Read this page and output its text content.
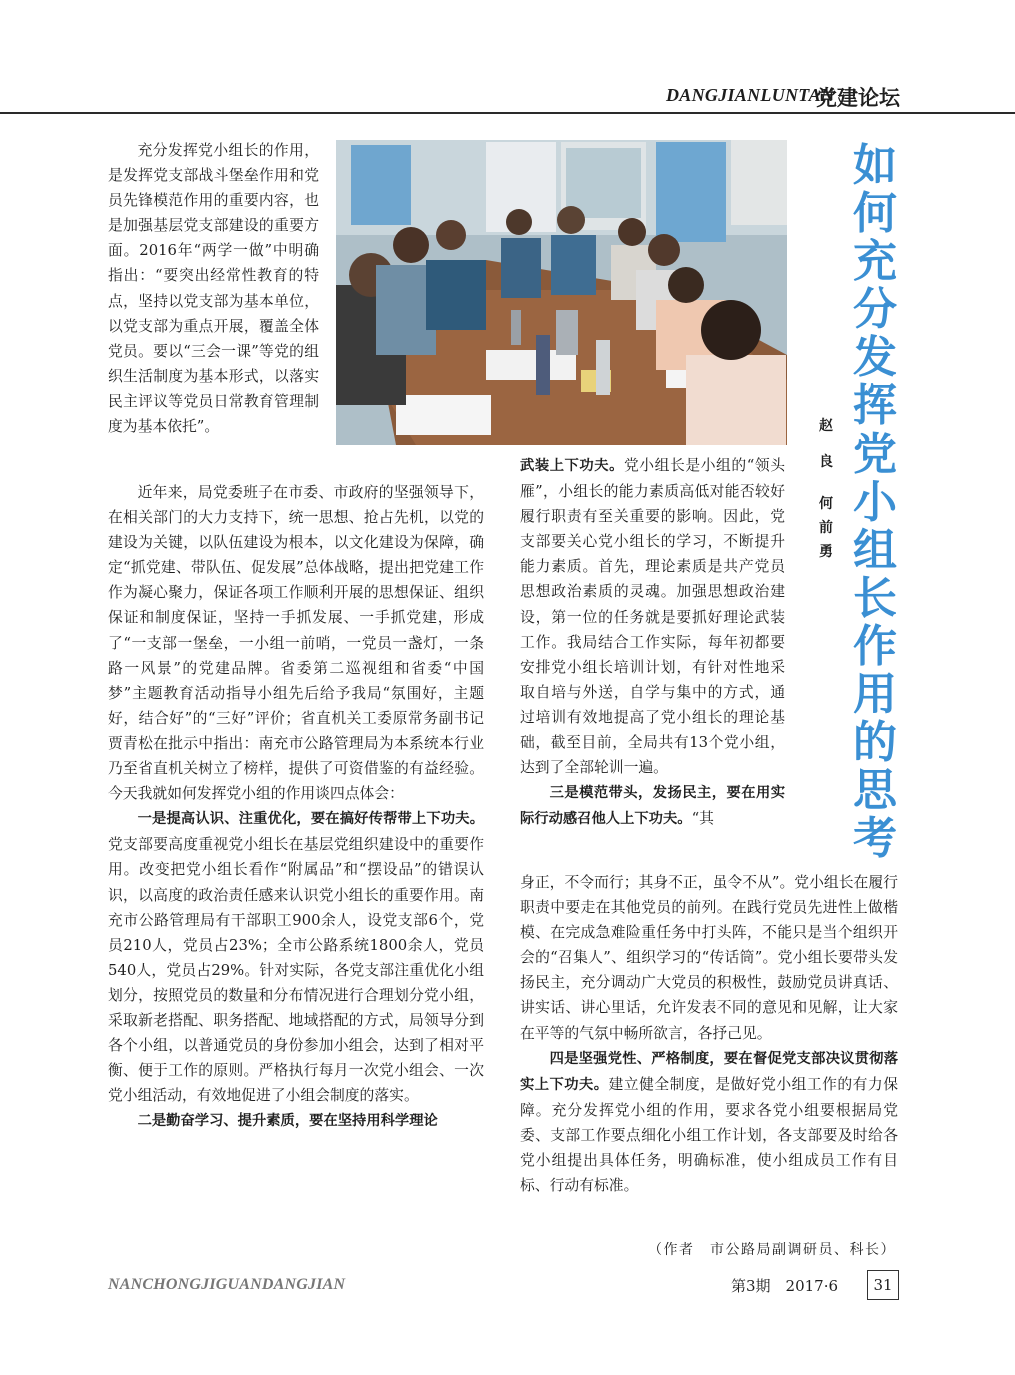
DANGJIANLUNTAN
党建论坛

充分发挥党小组长的作用，是发挥党支部战斗堡垒作用和党员先锋模范作用的重要内容，也是加强基层党支部建设的重要方面。2016年“两学一做”中明确指出：“要突出经常性教育的特点，坚持以党支部为基本单位，以党支部为重点开展，覆盖全体党员。要以“三会一课”等党的组织生活制度为基本形式，以落实民主评议等党员日常教育管理制度为基本依托”。

近年来，局党委班子在市委、市政府的坚强领导下，在相关部门的大力支持下，统一思想、抢占先机，以党的建设为关键，以队伍建设为根本，以文化建设为保障，确定“抓党建、带队伍、促发展”总体战略，提出把党建工作作为凝心聚力，保证各项工作顺利开展的思想保证、组织保证和制度保证，坚持一手抓发展、一手抓党建，形成了“一支部一堡垒，一小组一前哨，一党员一盏灯，一条路一风景”的党建品牌。省委第二巡视组和省委“中国梦”主题教育活动指导小组先后给予我局“氛围好，主题好，结合好”的“三好”评价；省直机关工委原常务副书记贾青松在批示中指出：南充市公路管理局为本系统本行业乃至省直机关树立了榜样，提供了可资借鉴的有益经验。今天我就如何发挥党小组的作用谈四点体会：

一是提高认识、注重优化，要在搞好传帮带上下功夫。党支部要高度重视党小组长在基层党组织建设中的重要作用。改变把党小组长看作“附属品”和“摆设品”的错误认识，以高度的政治责任感来认识党小组长的重要作用。南充市公路管理局有干部职工900余人，设党支部6个，党员210人，党员占23%；全市公路系统1800余人，党员540人，党员占29%。针对实际，各党支部注重优化小组划分，按照党员的数量和分布情况进行合理划分党小组，采取新老搭配、职务搭配、地域搭配的方式，局领导分到各个小组，以普通党员的身份参加小组会，达到了相对平衡、便于工作的原则。严格执行每月一次党小组会、一次党小组活动，有效地促进了小组会制度的落实。

二是勤奋学习、提升素质，要在坚持用科学理论

武装上下功夫。党小组长是小组的“领头雁”，小组长的能力素质高低对能否较好履行职责有至关重要的影响。因此，党支部要关心党小组长的学习，不断提升能力素质。首先，理论素质是共产党员思想政治素质的灵魂。加强思想政治建设，第一位的任务就是要抓好理论武装工作。我局结合工作实际，每年初都要安排党小组长培训计划，有针对性地采取自培与外送，自学与集中的方式，通过培训有效地提高了党小组长的理论基础，截至目前，全局共有13个党小组，达到了全部轮训一遍。

三是模范带头，发扬民主，要在用实际行动感召他人上下功夫。“其

身正，不令而行；其身不正，虽令不从”。党小组长在履行职责中要走在其他党员的前列。在践行党员先进性上做楷模、在完成急难险重任务中打头阵，不能只是当个组织开会的“召集人”、组织学习的“传话筒”。党小组长要带头发扬民主，充分调动广大党员的积极性，鼓励党员讲真话、讲实话、讲心里话，允许发表不同的意见和见解，让大家在平等的气氛中畅所欲言，各抒己见。

四是坚强党性、严格制度，要在督促党支部决议贯彻落实上下功夫。建立健全制度，是做好党小组工作的有力保障。充分发挥党小组的作用，要求各党小组要根据局党委、支部工作要点细化小组工作计划，各支部要及时给各党小组提出具体任务，明确标准，使小组成员工作有目标、行动有标准。

如
何
充
分
发
挥
党
小
组
长
作
用
的
思
考
赵
良
何
前
勇
（作者　市公路局副调研员、科长）
NANCHONGJIGUANDANGJIAN	第3期　2017·6	31
